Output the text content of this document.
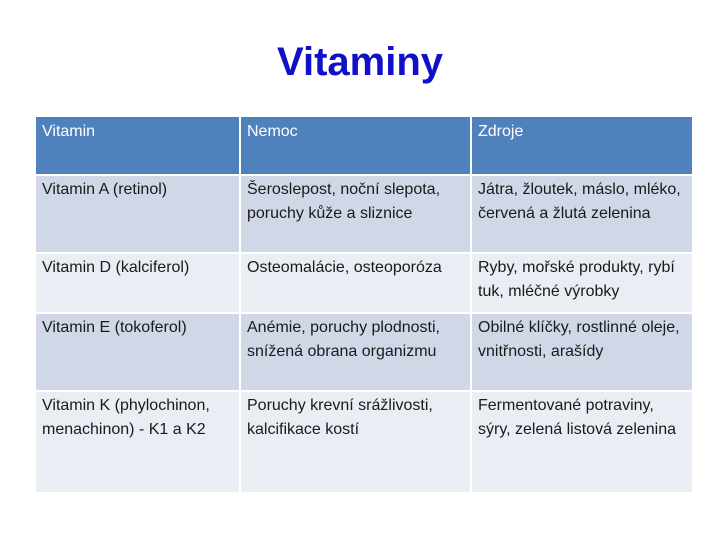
Vitaminy
Vitamin	Nemoc	Zdroje
Vitamin A (retinol)	Šeroslepost, noční slepota, poruchy kůže a sliznice	Játra, žloutek, máslo, mléko, červená a žlutá zelenina
Vitamin D (kalciferol)	Osteomalácie, osteoporóza	Ryby, mořské produkty, rybí tuk, mléčné výrobky
Vitamin E (tokoferol)	Anémie, poruchy plodnosti, snížená obrana organizmu	Obilné klíčky, rostlinné oleje, vnitřnosti, arašídy
Vitamin K (phylochinon, menachinon) - K1 a K2	Poruchy krevní srážlivosti, kalcifikace kostí	Fermentované potraviny, sýry, zelená listová zelenina
